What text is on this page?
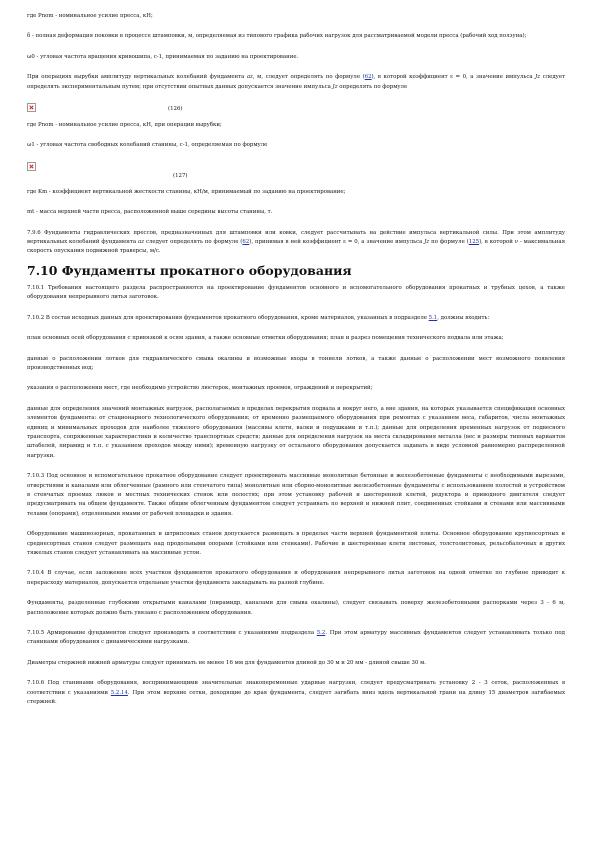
где Pnom - номинальное усилие пресса, кН;

δ - полная деформация поковки в процессе штамповки, м, определяемая из типового графика рабочих нагрузок для рассматриваемой модели пресса (рабочий ход ползуна);

ω0 - угловая частота вращения кривошипа, с-1, принимаемая по заданию на проектирование.

При операциях вырубки амплитуду вертикальных колебаний фундамента az, м, следует определять по формуле (62), в которой коэффициент ε = 0, а значение импульса Jz следует определять экспериментальным путем; при отсутствии опытных данных допускается значение импульса Jz определять по формуле

(126)

где Pnom - номинальное усилие пресса, кН, при операции вырубки;

ω1 - угловая частота свободных колебаний станины, с-1, определяемая по формуле

(127)

где Km - коэффициент вертикальной жесткости станины, кН/м, принимаемый по заданию на проектирование;

mt - масса верхней части пресса, расположенной выше середины высоты станины, т.

7.9.6 Фундаменты гидравлических прессов, предназначенных для штамповки или ковки, следует рассчитывать на действие импульса вертикальной силы. При этом амплитуду вертикальных колебаний фундамента az следует определять по формуле (62), принимая в ней коэффициент ε = 0, а значение импульса Jz по формуле (125), в которой ν - максимальная скорость опускания подвижной траверсы, м/с.

7.10 Фундаменты прокатного оборудования

7.10.1 Требования настоящего раздела распространяются на проектирование фундаментов основного и вспомогательного оборудования прокатных и трубных цехов, а также оборудования непрерывного литья заготовок.

7.10.2 В состав исходных данных для проектирования фундаментов прокатного оборудования, кроме материалов, указанных в подразделе 5.1, должны входить:

план основных осей оборудования с привязкой к осям здания, а также основные отметки оборудования; план и разрез помещения технического подвала или этажа;

данные о расположении лотков для гидравлического смыва окалины и возможные входы в тоннели лотков, а также данные о расположении мест возможного появления производственных вод;

указания о расположении мест, где необходимо устройство люстерок, монтажных проемов, ограждений и перекрытий;

данные для определения значений монтажных нагрузок, располагаемых в пределах перекрытия подвала и вокруг него, а вне здания, на которых указывается спецификация основных элементов фундамента: от стационарного технологического оборудования; от временно размещаемого оборудования при ремонтах с указанием веса, габаритов, числа монтажных единиц и минимальных проходов для наиболее тяжелого оборудования (массивы клети, валки и подушками и т.п.); данные для определения временных нагрузок от подвесного транспорта, сопряженные характеристики и количество транспортных средств; данные для определения нагрузок на места складирования металла (вес и размеры типовых вариантов штабелей, пирамид и т.п. с указанием проходов между ними); временную нагрузку от остального оборудования допускается задавать в виде условной равномерно распределенной нагрузки.

7.10.3 Под основное и вспомогательное прокатное оборудование следует проектировать массивные монолитные бетонные и железобетонные фундаменты с необходимыми вырезами, отверстиями и каналами или облегченные (рамного или стенчатого типа) монолитные или сборно-монолитные железобетонные фундаменты с использованием полостей и устройством в стенчатых проемах люков и местных технических стенок или полостях; при этом установку рабочей и шестеренной клетей, редуктора и приводного двигателя следует предусматривать на общем фундаменте. Также общим облегченным фундаментом следует устраивать по верхней и нижней плит, соединенных стойками и стенами или массивными телами (опорами), отделенными ямами от рабочей площадки и здания.

Оборудование машинозорных, прокатанных и штрипсовых станов допускается размещать в пределах части верхней фундаментной плиты. Основное оборудование крупносортных и среднесортных станов следует размещать над продольными опорами (стойками или стенками). Рабочие и шестеренные клети листовых, толстолистовых, рельсобалочных и других тяжелых станов следует устанавливать на массивные устои.

7.10.4 В случае, если заложение всех участков фундаментов прокатного оборудования и оборудования непрерывного литья заготовок на одной отметке по глубине приводит к перерасходу материалов, допускается отдельные участки фундамента закладывать на разной глубине.

Фундаменты, разделенные глубокими открытыми каналами (пирамидр, каналами для смыва окалины), следует связывать поверху железобетонными распорками через 3 - 6 м, расположение которых должно быть увязано с расположением оборудования.

7.10.5 Армирование фундаментов следует производить в соответствии с указаниями подраздела 5.2. При этом арматуру массивных фундаментов следует устанавливать только под станинами оборудования с динамическими нагрузками.

Диаметры стержней нижней арматуры следует принимать не менее 16 мм для фундаментов длиной до 30 м и 20 мм - длиной свыше 30 м.

7.10.6 Под станинами оборудования, воспринимающими значительные знакопеременные ударные нагрузки, следует предусматривать установку 2 - 3 сеток, расположенных в соответствии с указаниями 5.2.14. При этом верхние сетки, доходящие до края фундамента, следует загибать вниз вдоль вертикальной грани на длину 15 диаметров загибаемых стержней.
